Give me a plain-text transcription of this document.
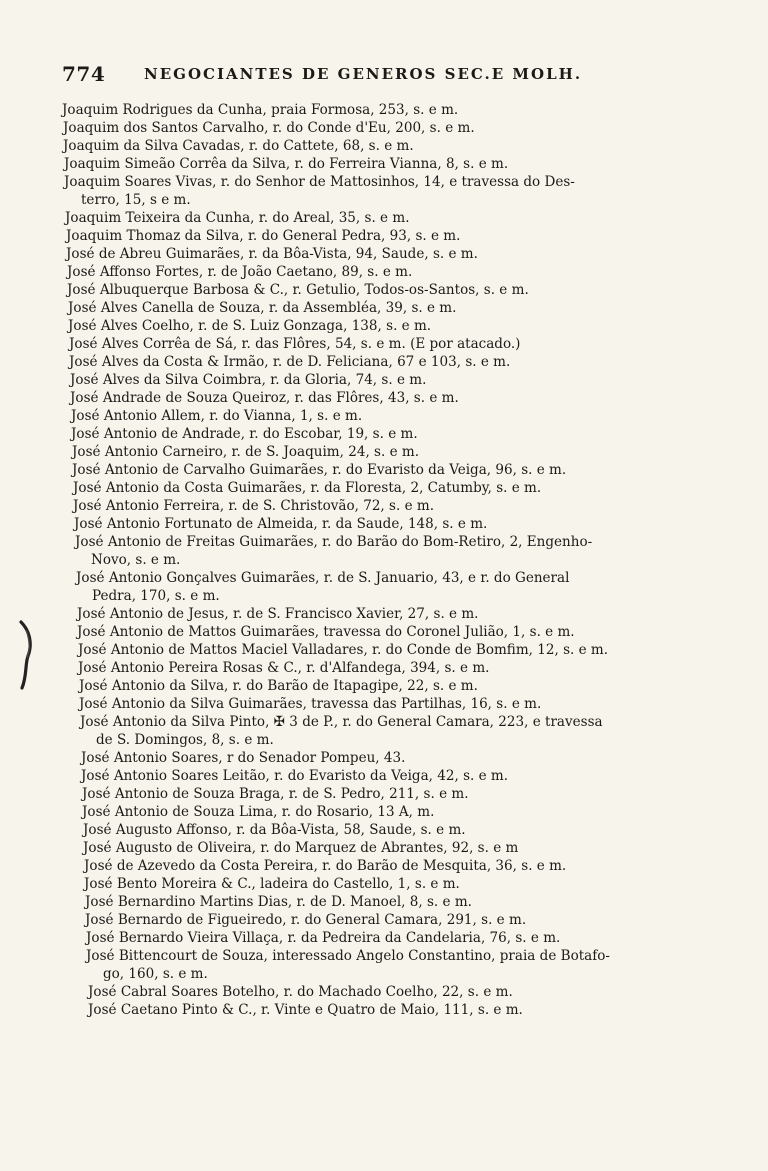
774	NEGOCIANTES DE GENEROS SEC.E MOLH.
Joaquim Rodrigues da Cunha, praia Formosa, 253, s. e m.
Joaquim dos Santos Carvalho, r. do Conde d'Eu, 200, s. e m.
Joaquim da Silva Cavadas, r. do Cattete, 68, s. e m.
Joaquim Simeão Corrêa da Silva, r. do Ferreira Vianna, 8, s. e m.
Joaquim Soares Vivas, r. do Senhor de Mattosinhos, 14, e travessa do Des-
terro, 15, s e m.
Joaquim Teixeira da Cunha, r. do Areal, 35, s. e m.
Joaquim Thomaz da Silva, r. do General Pedra, 93, s. e m.
José de Abreu Guimarães, r. da Bôa-Vista, 94, Saude, s. e m.
José Affonso Fortes, r. de João Caetano, 89, s. e m.
José Albuquerque Barbosa & C., r. Getulio, Todos-os-Santos, s. e m.
José Alves Canella de Souza, r. da Assembléa, 39, s. e m.
José Alves Coelho, r. de S. Luiz Gonzaga, 138, s. e m.
José Alves Corrêa de Sá, r. das Flôres, 54, s. e m. (E por atacado.)
José Alves da Costa & Irmão, r. de D. Feliciana, 67 e 103, s. e m.
José Alves da Silva Coimbra, r. da Gloria, 74, s. e m.
José Andrade de Souza Queiroz, r. das Flôres, 43, s. e m.
José Antonio Allem, r. do Vianna, 1, s. e m.
José Antonio de Andrade, r. do Escobar, 19, s. e m.
José Antonio Carneiro, r. de S. Joaquim, 24, s. e m.
José Antonio de Carvalho Guimarães, r. do Evaristo da Veiga, 96, s. e m.
José Antonio da Costa Guimarães, r. da Floresta, 2, Catumby, s. e m.
José Antonio Ferreira, r. de S. Christovão, 72, s. e m.
José Antonio Fortunato de Almeida, r. da Saude, 148, s. e m.
José Antonio de Freitas Guimarães, r. do Barão do Bom-Retiro, 2, Engenho-
Novo, s. e m.
José Antonio Gonçalves Guimarães, r. de S. Januario, 43, e r. do General
Pedra, 170, s. e m.
José Antonio de Jesus, r. de S. Francisco Xavier, 27, s. e m.
José Antonio de Mattos Guimarães, travessa do Coronel Julião, 1, s. e m.
José Antonio de Mattos Maciel Valladares, r. do Conde de Bomfim, 12, s. e m.
José Antonio Pereira Rosas & C., r. d'Alfandega, 394, s. e m.
José Antonio da Silva, r. do Barão de Itapagipe, 22, s. e m.
José Antonio da Silva Guimarães, travessa das Partilhas, 16, s. e m.
José Antonio da Silva Pinto, ✠ 3 de P., r. do General Camara, 223, e travessa
de S. Domingos, 8, s. e m.
José Antonio Soares, r do Senador Pompeu, 43.
José Antonio Soares Leitão, r. do Evaristo da Veiga, 42, s. e m.
José Antonio de Souza Braga, r. de S. Pedro, 211, s. e m.
José Antonio de Souza Lima, r. do Rosario, 13 A, m.
José Augusto Affonso, r. da Bôa-Vista, 58, Saude, s. e m.
José Augusto de Oliveira, r. do Marquez de Abrantes, 92, s. e m
José de Azevedo da Costa Pereira, r. do Barão de Mesquita, 36, s. e m.
José Bento Moreira & C., ladeira do Castello, 1, s. e m.
José Bernardino Martins Dias, r. de D. Manoel, 8, s. e m.
José Bernardo de Figueiredo, r. do General Camara, 291, s. e m.
José Bernardo Vieira Villaça, r. da Pedreira da Candelaria, 76, s. e m.
José Bittencourt de Souza, interessado Angelo Constantino, praia de Botafo-
go, 160, s. e m.
José Cabral Soares Botelho, r. do Machado Coelho, 22, s. e m.
José Caetano Pinto & C., r. Vinte e Quatro de Maio, 111, s. e m.
